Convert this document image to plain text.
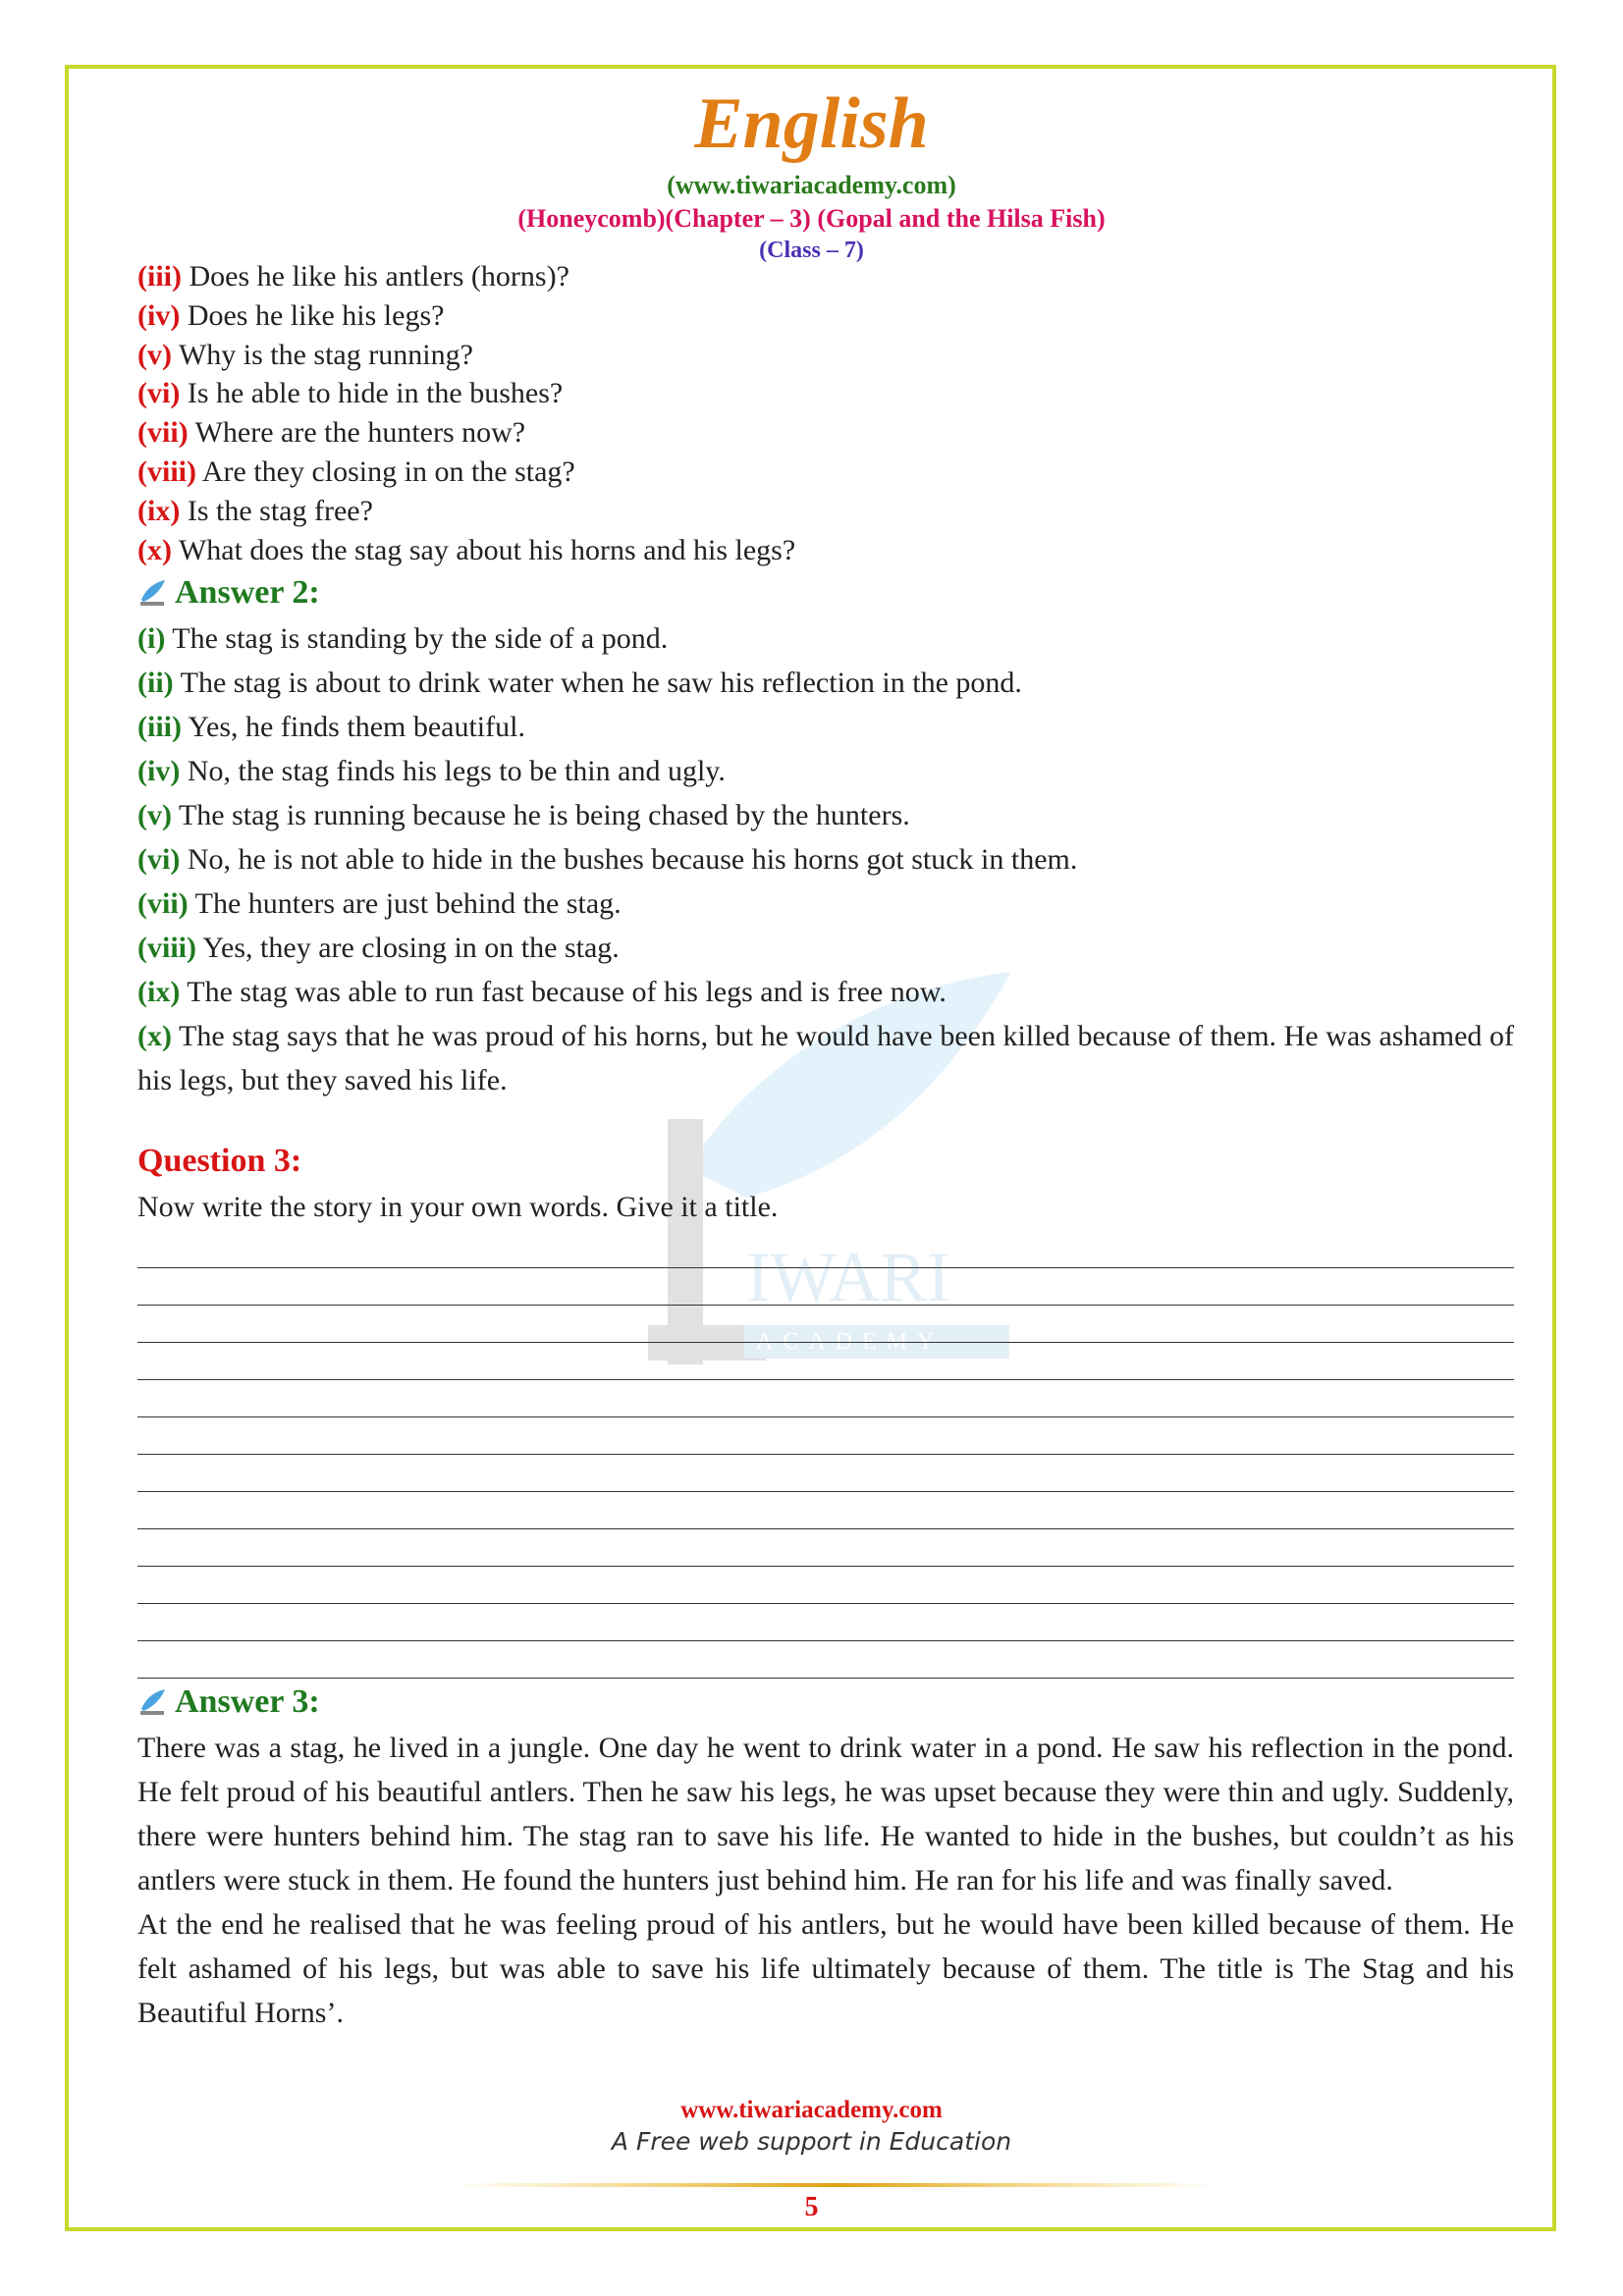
IWARI
ACADEMY
English
(www.tiwariacademy.com)
(Honeycomb)(Chapter – 3) (Gopal and the Hilsa Fish)
(Class – 7)
(iii) Does he like his antlers (horns)?
(iv) Does he like his legs?
(v) Why is the stag running?
(vi) Is he able to hide in the bushes?
(vii) Where are the hunters now?
(viii) Are they closing in on the stag?
(ix) Is the stag free?
(x) What does the stag say about his horns and his legs?
Answer 2:
(i) The stag is standing by the side of a pond.
(ii) The stag is about to drink water when he saw his reflection in the pond.
(iii) Yes, he finds them beautiful.
(iv) No, the stag finds his legs to be thin and ugly.
(v) The stag is running because he is being chased by the hunters.
(vi) No, he is not able to hide in the bushes because his horns got stuck in them.
(vii) The hunters are just behind the stag.
(viii) Yes, they are closing in on the stag.
(ix) The stag was able to run fast because of his legs and is free now.
(x) The stag says that he was proud of his horns, but he would have been killed because of them. He was ashamed of his legs, but they saved his life.
Question 3:
Now write the story in your own words. Give it a title.
Answer 3:
There was a stag, he lived in a jungle. One day he went to drink water in a pond. He saw his reflection in the pond. He felt proud of his beautiful antlers. Then he saw his legs, he was upset because they were thin and ugly. Suddenly, there were hunters behind him. The stag ran to save his life. He wanted to hide in the bushes, but couldn’t as his antlers were stuck in them. He found the hunters just behind him. He ran for his life and was finally saved.
At the end he realised that he was feeling proud of his antlers, but he would have been killed because of them. He felt ashamed of his legs, but was able to save his life ultimately because of them. The title is The Stag and his Beautiful Horns’.
www.tiwariacademy.com
A Free web support in Education
5
